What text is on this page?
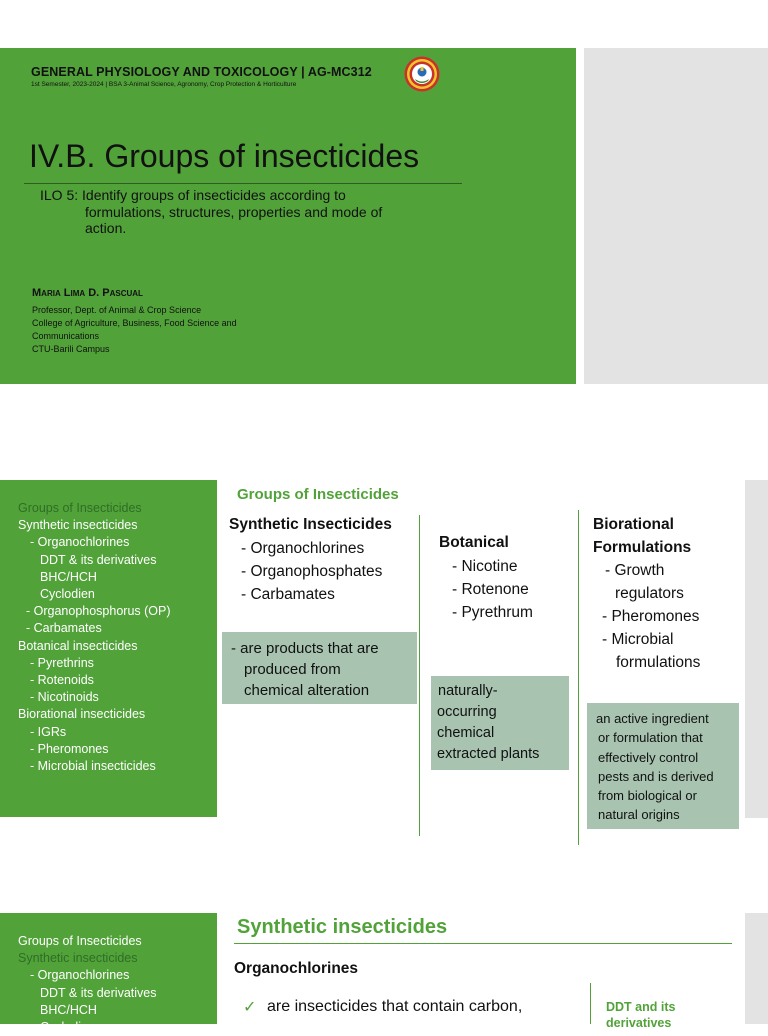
GENERAL PHYSIOLOGY AND TOXICOLOGY | AG-MC312
1st Semester, 2023-2024 | BSA 3-Animal Science, Agronomy, Crop Protection & Horticulture
IV.B. Groups of insecticides
ILO 5: Identify groups of insecticides according to
formulations, structures, properties and mode of
action.
Maria Lima D. Pascual
Professor, Dept. of Animal & Crop Science
College of Agriculture, Business, Food Science and
Communications
CTU-Barili Campus
Groups of Insecticides
Synthetic insecticides
- Organochlorines
DDT & its derivatives
BHC/HCH
Cyclodien
- Organophosphorus (OP)
- Carbamates
Botanical insecticides
- Pyrethrins
- Rotenoids
- Nicotinoids
Biorational insecticides
- IGRs
- Pheromones
- Microbial insecticides
Groups of Insecticides
Synthetic Insecticides
- Organochlorines
- Organophosphates
- Carbamates
- are products that are
produced from
chemical alteration
Botanical
- Nicotine
- Rotenone
- Pyrethrum
naturally-
occurring
chemical
extracted plants
Biorational
Formulations
- Growth
regulators
- Pheromones
- Microbial
formulations
an active ingredient
or formulation that
effectively control
pests and is derived
from biological or
natural origins
Groups of Insecticides
Synthetic insecticides
- Organochlorines
DDT & its derivatives
BHC/HCH
Cyclodien
Synthetic insecticides
Organochlorines
✓ are insecticides that contain carbon,	DDT and its
derivatives
